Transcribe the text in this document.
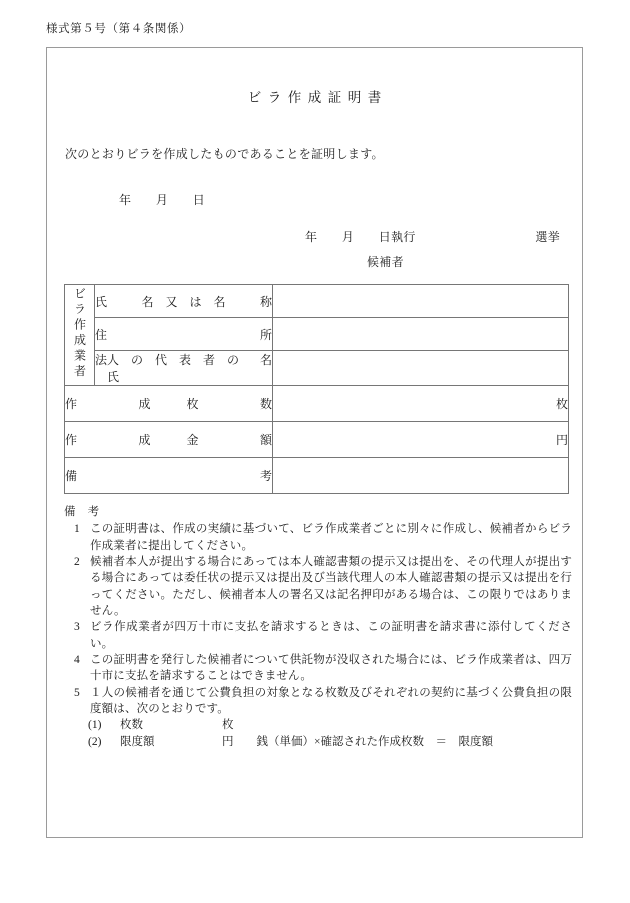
様式第５号（第４条関係）
ビラ作成証明書
次のとおりビラを作成したものであることを証明します。
年　　月　　日
年　　月　　日執行	選挙
候補者
ビラ作成業者	氏 名　又　は　名 称	

	住 所	

	法 人　の　代　表　者　の　氏
名	

作 成　　　枚 数		枚

作 成　　　金 額		円

備 考		

備　考
1 この証明書は、作成の実績に基づいて、ビラ作成業者ごとに別々に作成し、候補者からビラ作成業者に提出してください。
2 候補者本人が提出する場合にあっては本人確認書類の提示又は提出を、その代理人が提出する場合にあっては委任状の提示又は提出及び当該代理人の本人確認書類の提示又は提出を行ってください。ただし、候補者本人の署名又は記名押印がある場合は、この限りではありません。
3 ビラ作成業者が四万十市に支払を請求するときは、この証明書を請求書に添付してください。
4 この証明書を発行した候補者について供託物が没収された場合には、ビラ作成業者は、四万十市に支払を請求することはできません。
5 １人の候補者を通じて公費負担の対象となる枚数及びそれぞれの契約に基づく公費負担の限度額は、次のとおりです。
(1)	枚数	枚
(2)	限度額	円　　銭（単価）×確認された作成枚数　＝　限度額
